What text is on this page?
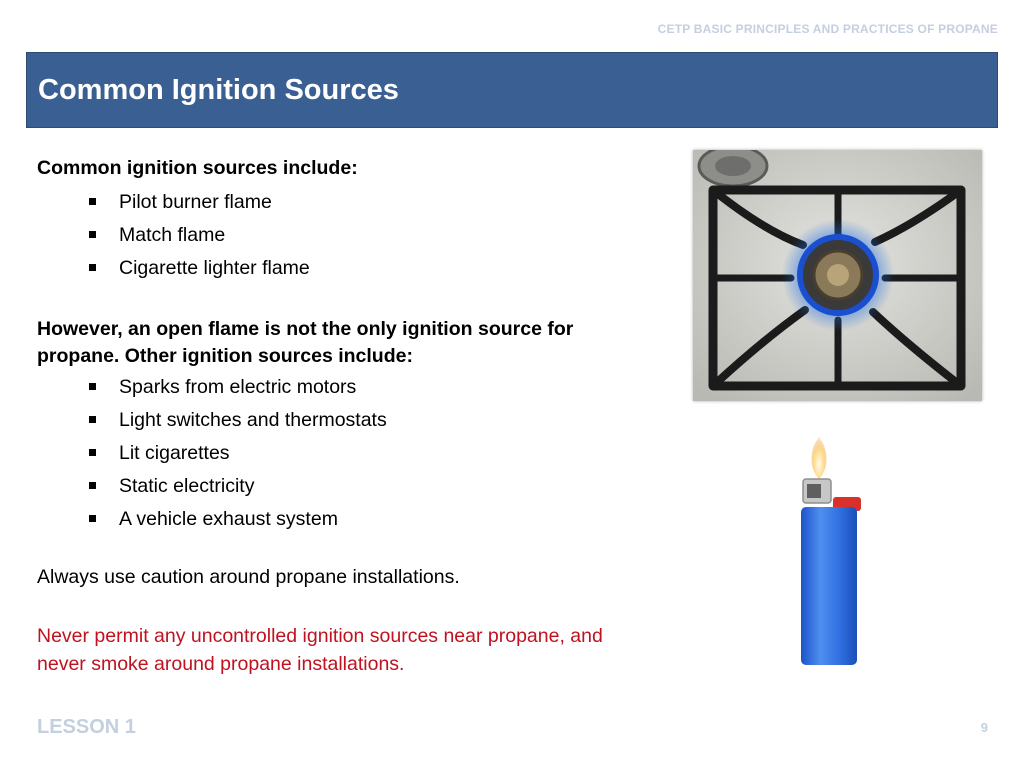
CETP BASIC PRINCIPLES AND PRACTICES OF PROPANE
Common Ignition Sources
Common ignition sources include:
Pilot burner flame
Match flame
Cigarette lighter flame
However, an open flame is not the only ignition source for
propane. Other ignition sources include:
Sparks from electric motors
Light switches and thermostats
Lit cigarettes
Static electricity
A vehicle exhaust system
Always use caution around propane installations.
Never permit any uncontrolled ignition sources near propane, and
never smoke around propane installations.
LESSON 1	9
